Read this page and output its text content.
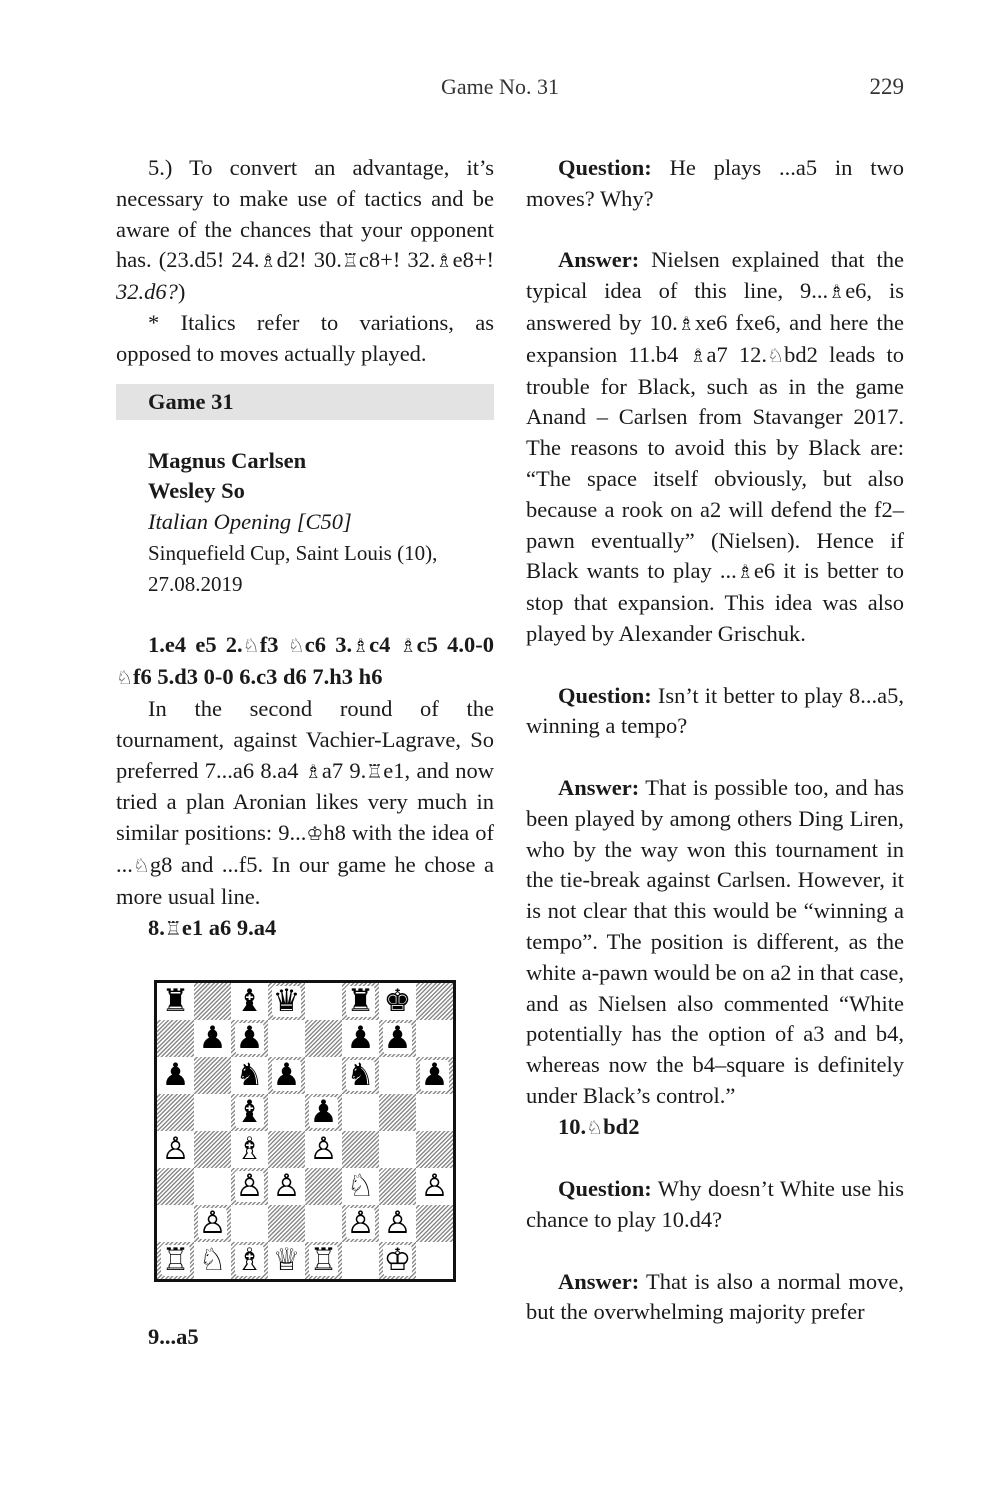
Game No. 31	229

5.) To convert an advantage, it’s necessary to make use of tactics and be aware of the chances that your opponent has. (23.d5! 24.♗d2! 30.♖c8+! 32.♗e8+! 32.d6?)

* Italics refer to variations, as opposed to moves actually played.

Game 31
Magnus Carlsen
Wesley So
Italian Opening [C50]
Sinquefield Cup, Saint Louis (10),
27.08.2019

1.e4 e5 2.♘f3 ♘c6 3.♗c4 ♗c5 4.0-0 ♘f6 5.d3 0-0 6.c3 d6 7.h3 h6

In the second round of the tournament, against Vachier-Lagrave, So preferred 7...a6 8.a4 ♗a7 9.♖e1, and now tried a plan Aronian likes very much in similar positions: 9...♔h8 with the idea of ...♘g8 and ...f5. In our game he chose a more usual line.

8.♖e1 a6 9.a4

♜ ♝ ♛ ♜ ♚
♟ ♟	♟ ♟
♟ ♞ ♟ ♞ ♟
♝ ♟
♙ ♗ ♙
♙ ♙ ♘ ♙
♙	♙ ♙
♖ ♘ ♗ ♕ ♖ ♔

9...a5

Question: He plays ...a5 in two moves? Why?

Answer: Nielsen explained that the typical idea of this line, 9...♗e6, is answered by 10.♗xe6 fxe6, and here the expansion 11.b4 ♗a7 12.♘bd2 leads to trouble for Black, such as in the game Anand – Carlsen from Stavanger 2017. The reasons to avoid this by Black are: “The space itself obviously, but also because a rook on a2 will defend the f2–pawn eventually” (Nielsen). Hence if Black wants to play ...♗e6 it is better to stop that expansion. This idea was also played by Alexander Grischuk.

Question: Isn’t it better to play 8...a5, winning a tempo?

Answer: That is possible too, and has been played by among others Ding Liren, who by the way won this tournament in the tie-break against Carlsen. However, it is not clear that this would be “winning a tempo”. The position is different, as the white a-pawn would be on a2 in that case, and as Nielsen also commented “White potentially has the option of a3 and b4, whereas now the b4–square is definitely under Black’s control.”

10.♘bd2

Question: Why doesn’t White use his chance to play 10.d4?

Answer: That is also a normal move, but the overwhelming majority prefer
